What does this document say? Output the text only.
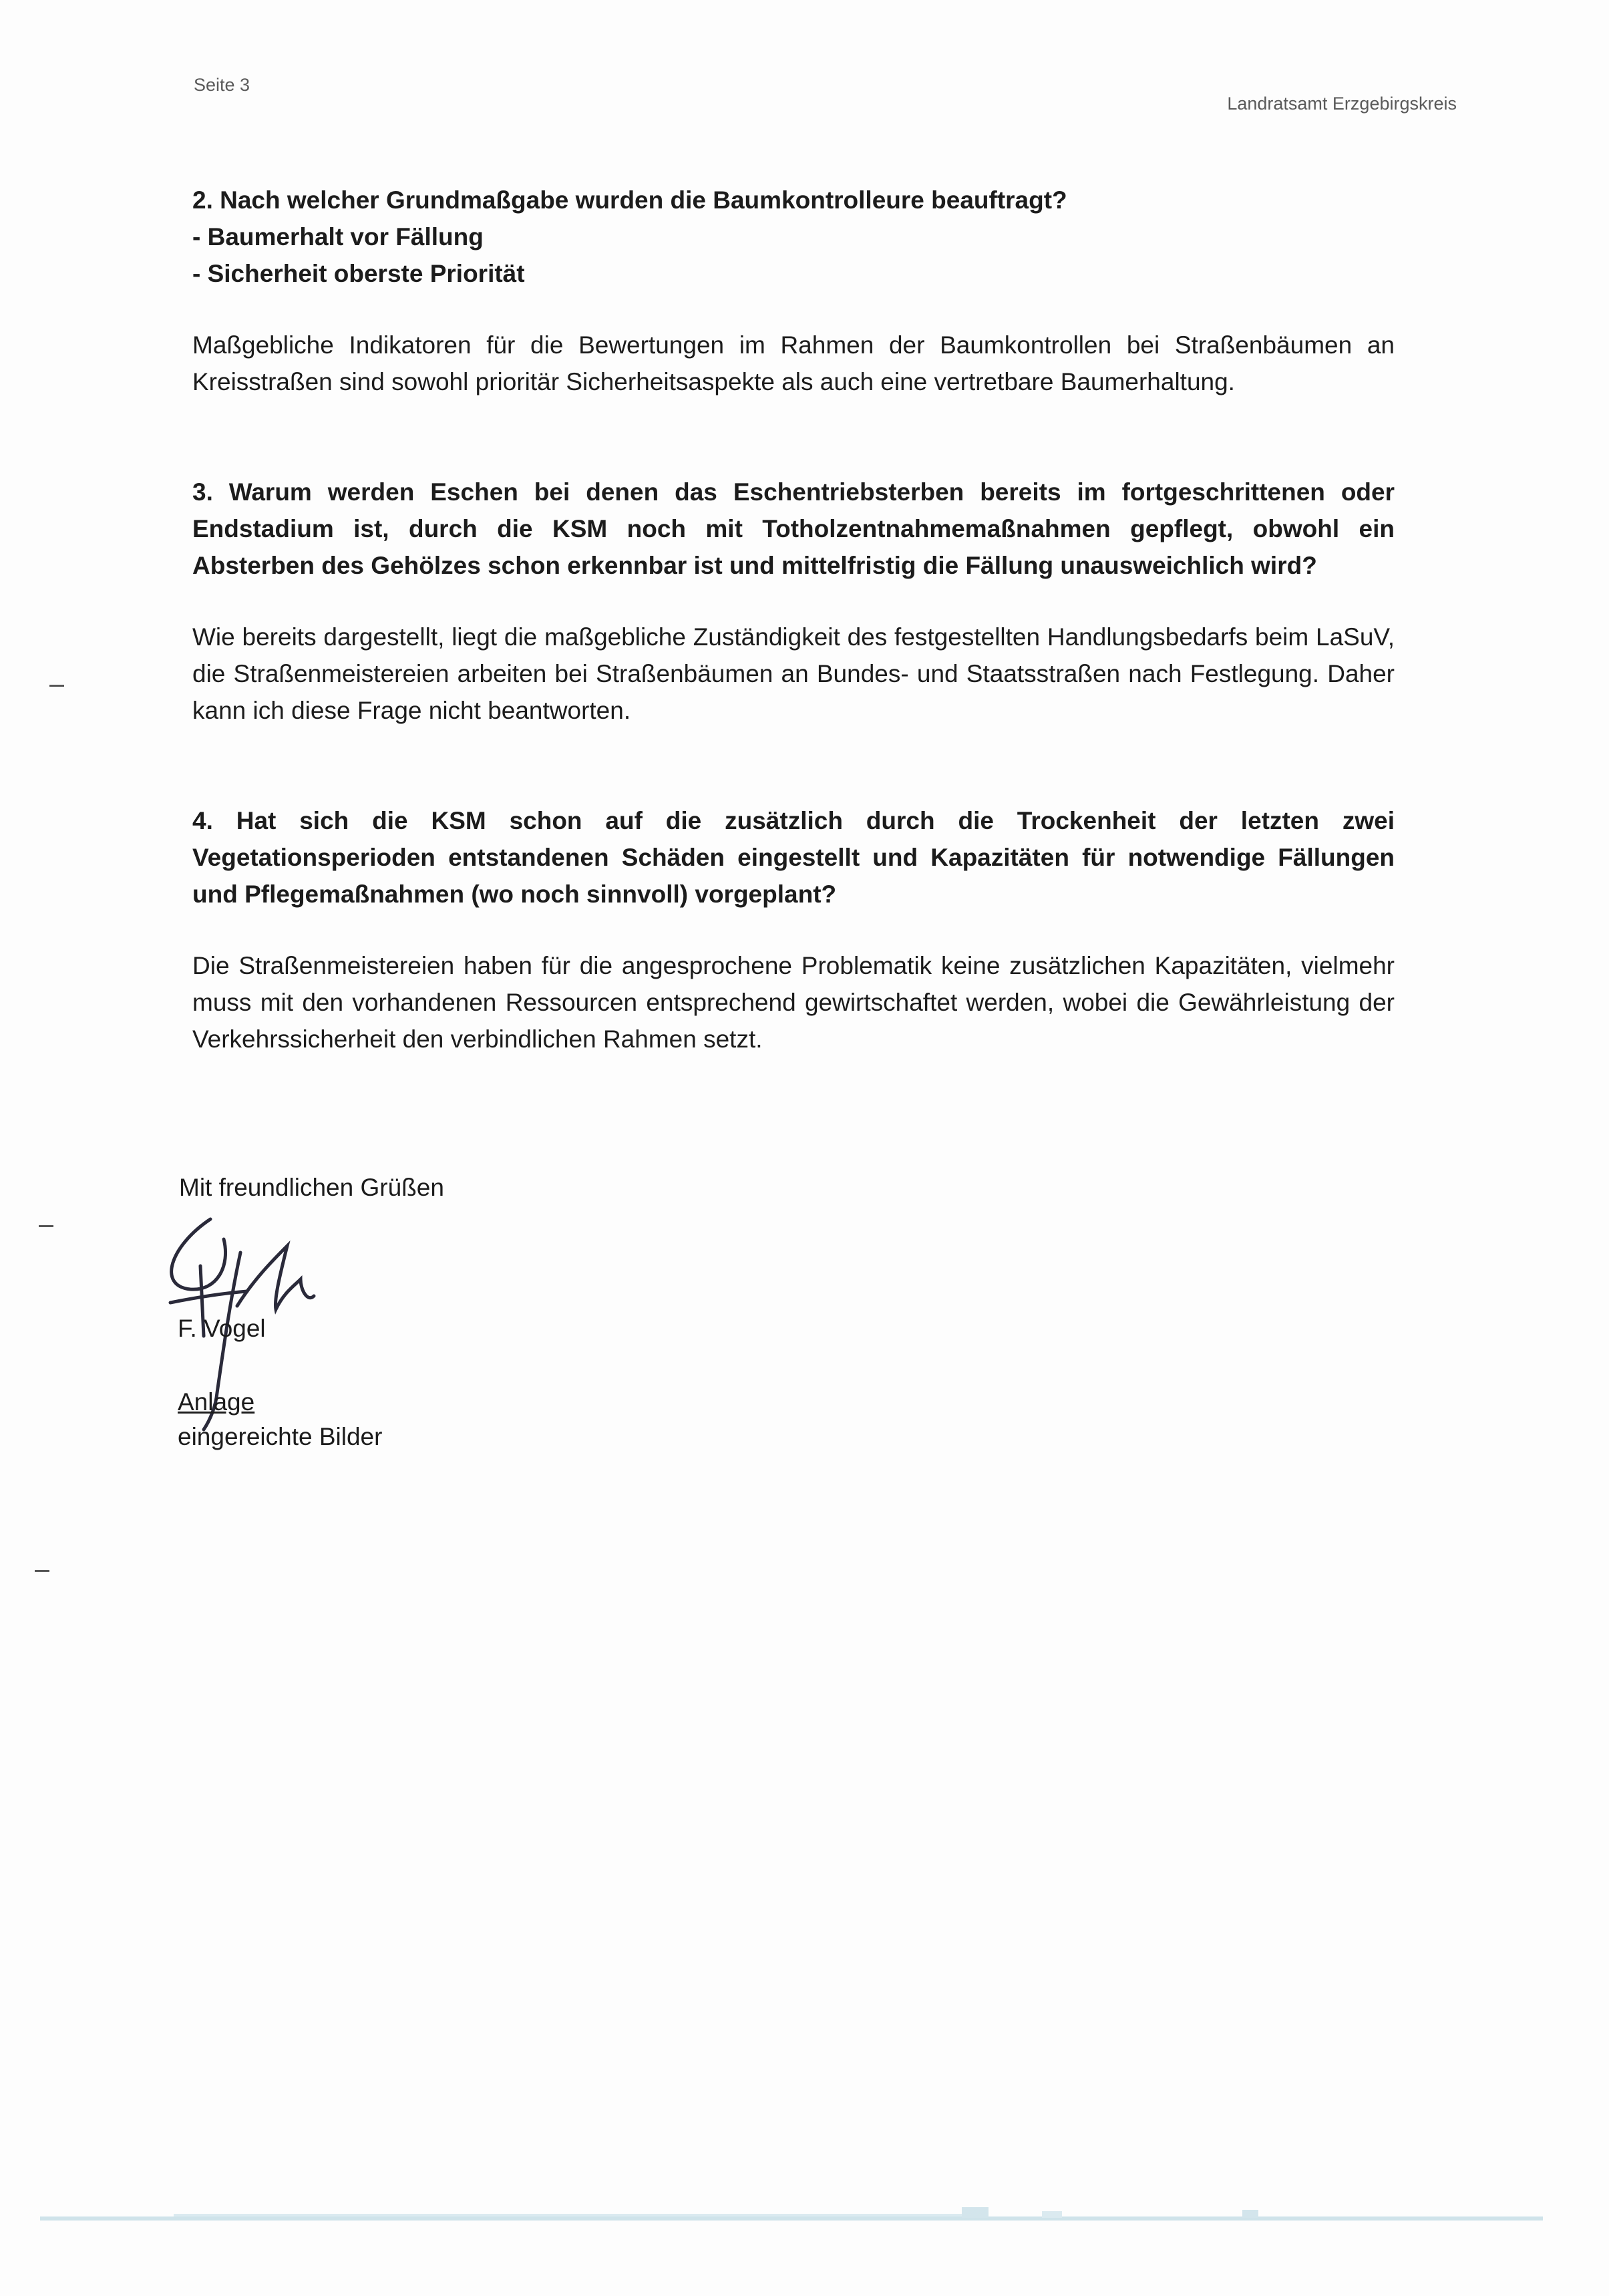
Seite 3
Landratsamt Erzgebirgskreis

2. Nach welcher Grundmaßgabe wurden die Baumkontrolleure beauftragt?

- Baumerhalt vor Fällung
- Sicherheit oberste Priorität

Maßgebliche Indikatoren für die Bewertungen im Rahmen der Baumkontrollen bei Straßenbäumen an Kreisstraßen sind sowohl prioritär Sicherheitsaspekte als auch eine vertretbare Baumerhaltung.

3. Warum werden Eschen bei denen das Eschentriebsterben bereits im fortgeschrittenen oder Endstadium ist, durch die KSM noch mit Totholzentnahmemaßnahmen gepflegt, obwohl ein Absterben des Gehölzes schon erkennbar ist und mittelfristig die Fällung unausweichlich wird?

Wie bereits dargestellt, liegt die maßgebliche Zuständigkeit des festgestellten Handlungsbedarfs beim LaSuV, die Straßenmeistereien arbeiten bei Straßenbäumen an Bundes- und Staatsstraßen nach Festlegung. Daher kann ich diese Frage nicht beantworten.

4. Hat sich die KSM schon auf die zusätzlich durch die Trockenheit der letzten zwei Vegetationsperioden entstandenen Schäden eingestellt und Kapazitäten für notwendige Fällungen und Pflegemaßnahmen (wo noch sinnvoll) vorgeplant?

Die Straßenmeistereien haben für die angesprochene Problematik keine zusätzlichen Kapazitäten, vielmehr muss mit den vorhandenen Ressourcen entsprechend gewirtschaftet werden, wobei die Gewährleistung der Verkehrssicherheit den verbindlichen Rahmen setzt.

Mit freundlichen Grüßen

F. Vogel
Anlage
eingereichte Bilder
